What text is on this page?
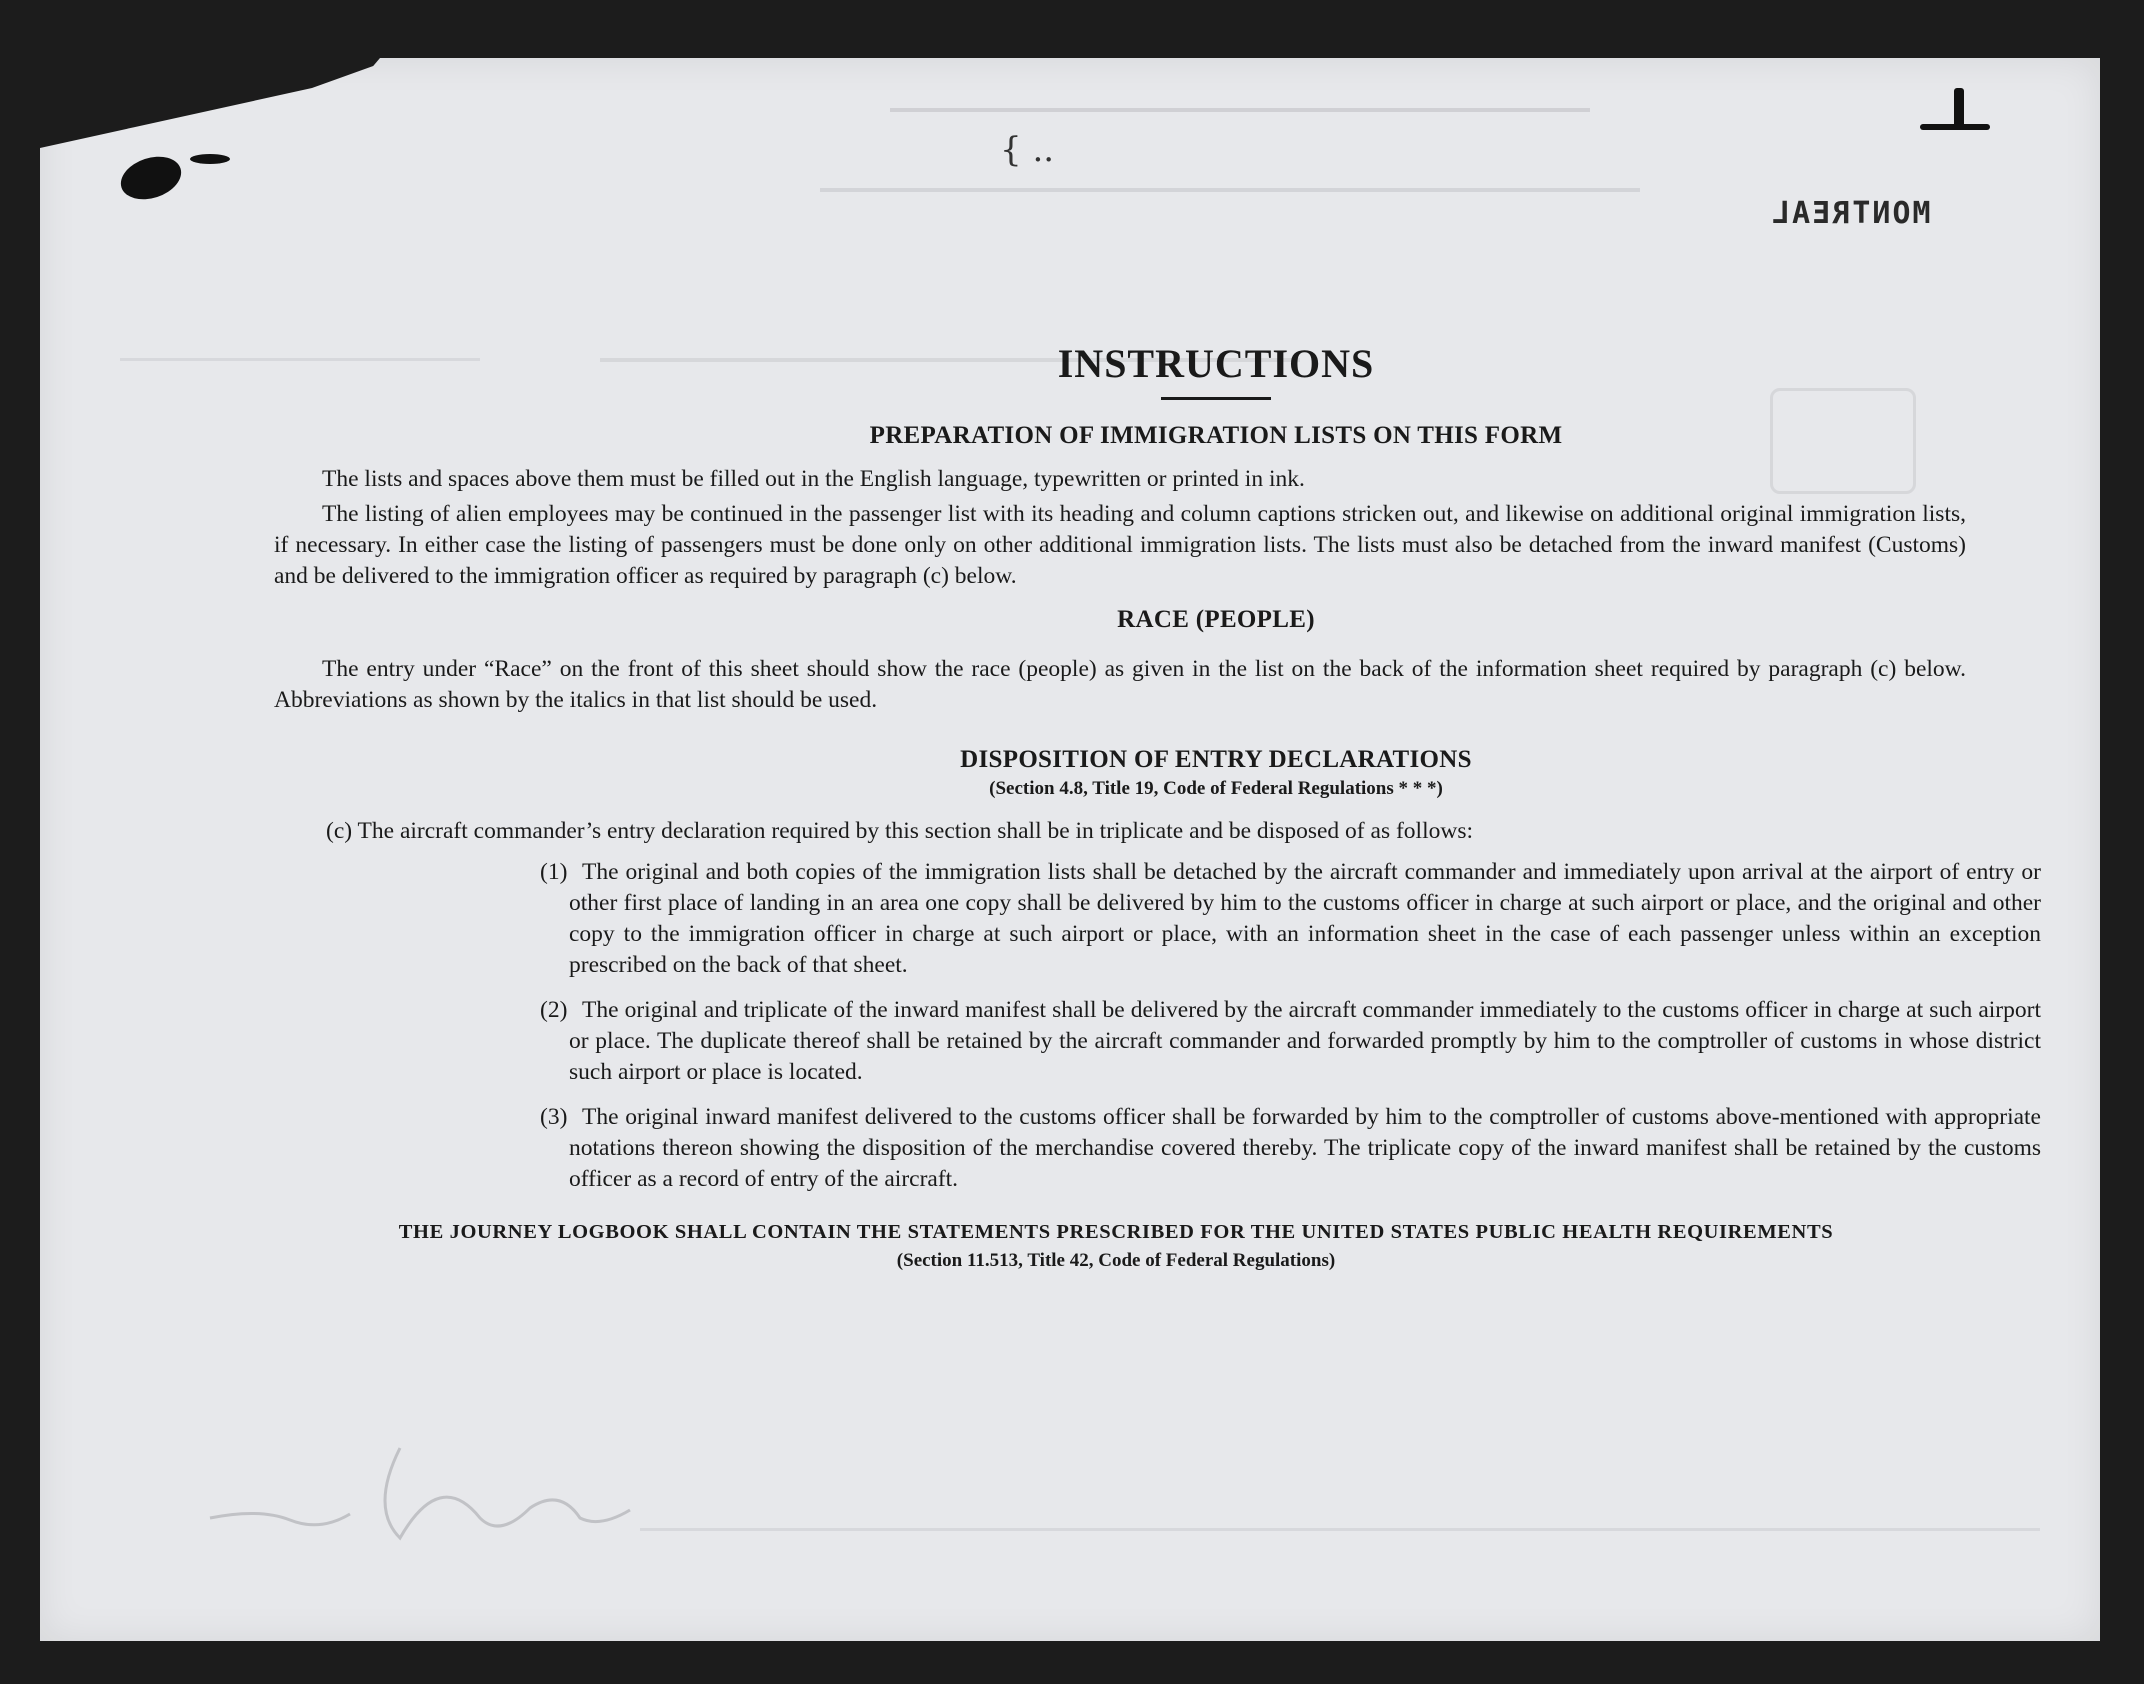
MONTREAL
{ ..
INSTRUCTIONS
PREPARATION OF IMMIGRATION LISTS ON THIS FORM

The lists and spaces above them must be filled out in the English language, typewritten or printed in ink.

The listing of alien employees may be continued in the passenger list with its heading and column captions stricken out, and likewise on additional original immigration lists, if necessary. In either case the listing of passengers must be done only on other additional immigration lists. The lists must also be detached from the inward manifest (Customs) and be delivered to the immigration officer as required by paragraph (c) below.

RACE (PEOPLE)

The entry under “Race” on the front of this sheet should show the race (people) as given in the list on the back of the information sheet required by paragraph (c) below. Abbreviations as shown by the italics in that list should be used.

DISPOSITION OF ENTRY DECLARATIONS
(Section 4.8, Title 19, Code of Federal Regulations * * *)

(c) The aircraft commander’s entry declaration required by this section shall be in triplicate and be disposed of as follows:

(1) The original and both copies of the immigration lists shall be detached by the aircraft commander and immediately upon arrival at the airport of entry or other first place of landing in an area one copy shall be delivered by him to the customs officer in charge at such airport or place, and the original and other copy to the immigration officer in charge at such airport or place, with an information sheet in the case of each passenger unless within an exception prescribed on the back of that sheet.
(2) The original and triplicate of the inward manifest shall be delivered by the aircraft commander immediately to the customs officer in charge at such airport or place. The duplicate thereof shall be retained by the aircraft commander and forwarded promptly by him to the comptroller of customs in whose district such airport or place is located.
(3) The original inward manifest delivered to the customs officer shall be forwarded by him to the comptroller of customs above-mentioned with appropriate notations thereon showing the disposition of the merchandise covered thereby. The triplicate copy of the inward manifest shall be retained by the customs officer as a record of entry of the aircraft.
THE JOURNEY LOGBOOK SHALL CONTAIN THE STATEMENTS PRESCRIBED FOR THE UNITED STATES PUBLIC HEALTH REQUIREMENTS
(Section 11.513, Title 42, Code of Federal Regulations)
